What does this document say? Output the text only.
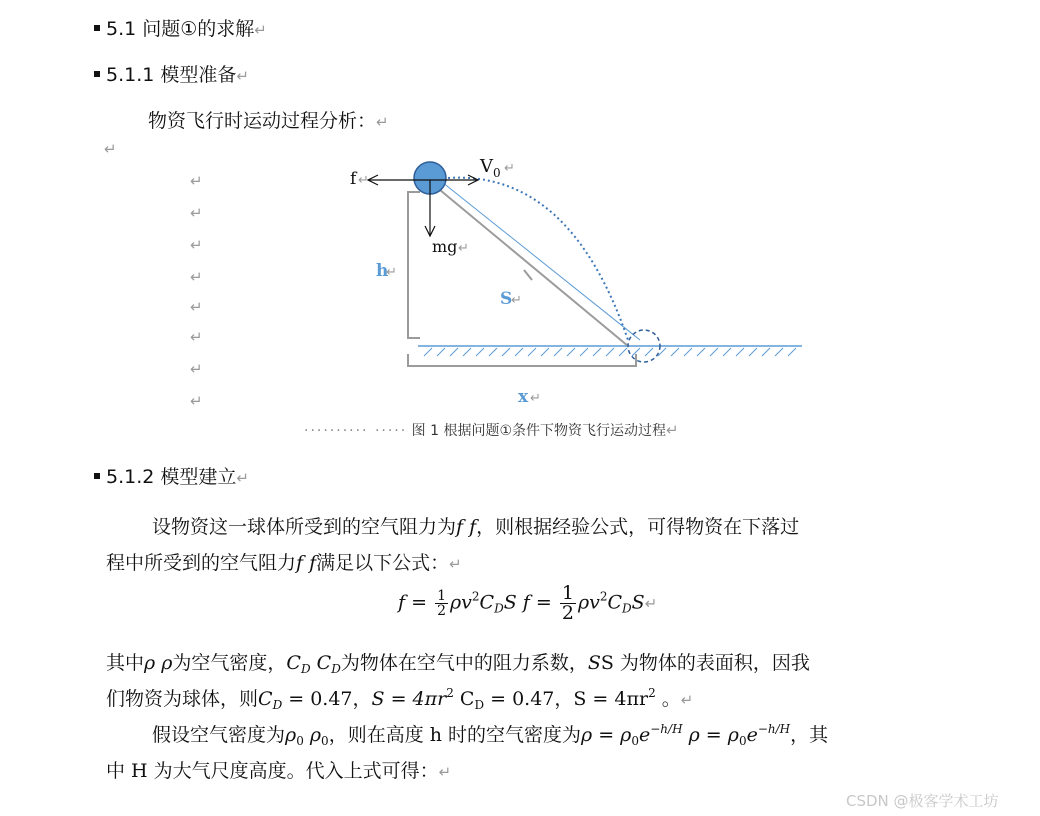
5.1 问题①的求解↵
5.1.1 模型准备↵
物资飞行时运动过程分析：↵
↵
↵
↵
↵
↵
↵
↵
↵
↵
f ↵
V 0 ↵
mg ↵
h
↵
S
↵
x ↵
·········· ····· 图 1 根据问题①条件下物资飞行运动过程↵
5.1.2 模型建立↵
设物资这一球体所受到的空气阻力为f f，则根据经验公式，可得物资在下落过
程中所受到的空气阻力f f满足以下公式：↵
$f = \frac{1}{2} \rho v^2C_DS$ $f = \frac{1}{2}$ $\rho v^2C_DS↵$
其中ρ ρ为空气密度，$C_D$ $C_D$为物体在空气中的阻力系数，SS 为物体的表面积，因我
们物资为球体，则$C_D = 0.47$，$S = 4\pi r^2$ $C_D = 0.47$，$S = 4\pi r^2$ 。↵
假设空气密度为$\rho_0$ $\rho_0$，则在高度 h 时的空气密度为$\rho = \rho_0e^{-h/H}$ $\rho = \rho_0e^{-h/H}$，其
中 H 为大气尺度高度。代入上式可得：↵
CSDN @极客学术工坊
